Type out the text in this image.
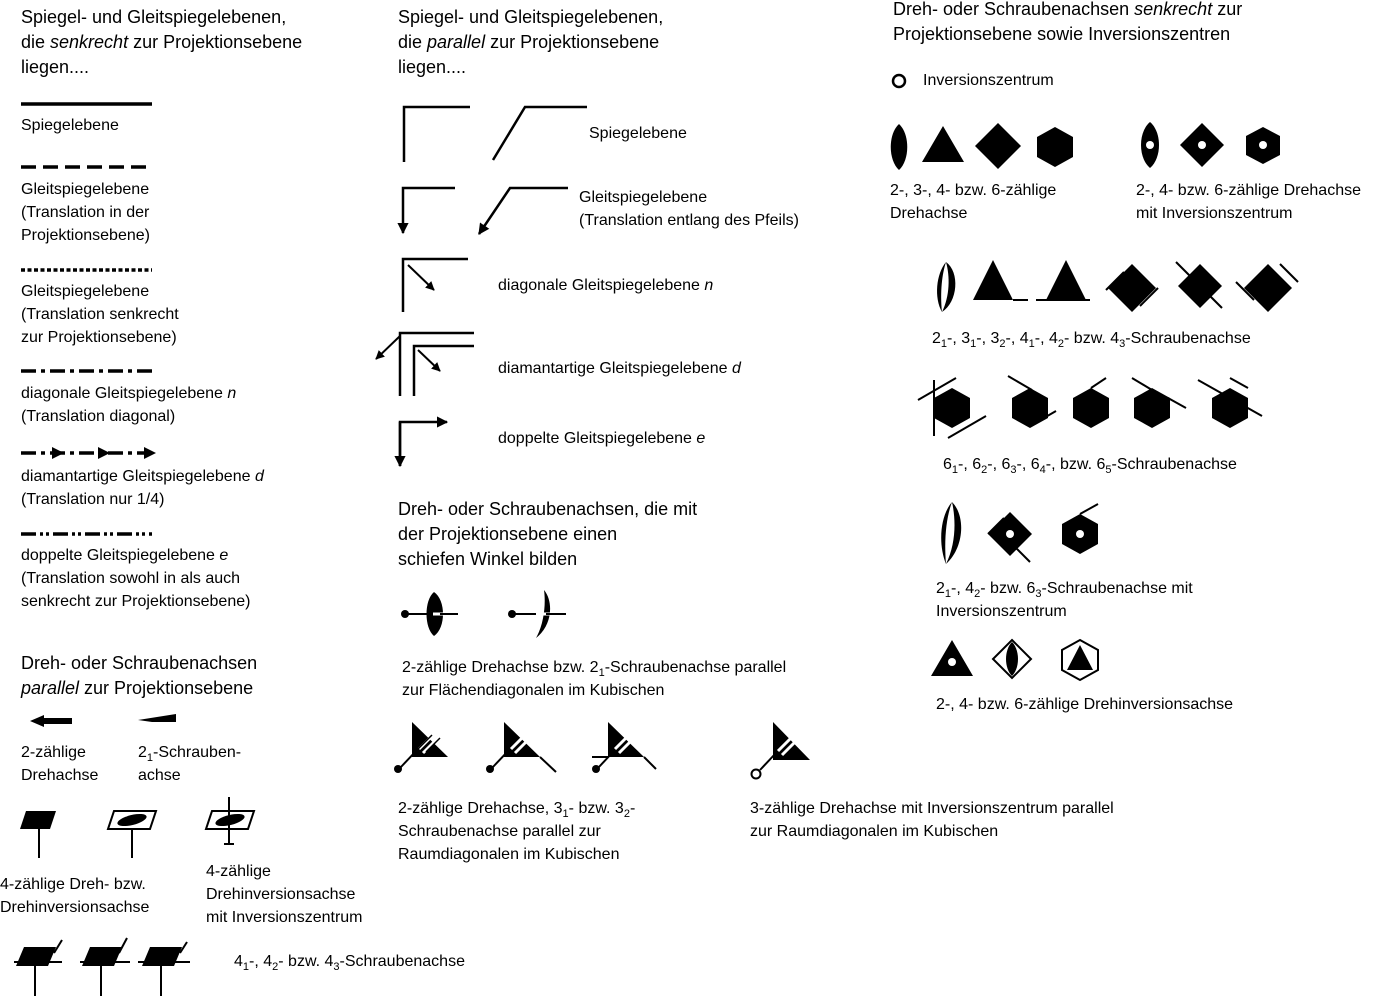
Spiegel- und Gleitspiegelebenen,
die senkrecht zur Projektionsebene
liegen....
Spiegelebene
Gleitspiegelebene
(Translation in der
Projektionsebene)
Gleitspiegelebene
(Translation senkrecht
zur Projektionsebene)
diagonale Gleitspiegelebene n
(Translation diagonal)
diamantartige Gleitspiegelebene d
(Translation nur 1/4)
doppelte Gleitspiegelebene e
(Translation sowohl in als auch
senkrecht zur Projektionsebene)
Dreh- oder Schraubenachsen
parallel zur Projektionsebene
2-zählige
Drehachse
$2_1-Schrauben-$
achse
4-zählige Dreh- bzw.
Drehinversionsachse
4-zählige
Drehinversionsachse
mit Inversionszentrum
$4_1-$, $4_2-$ bzw. $4_3$-Schraubenachse
Spiegel- und Gleitspiegelebenen,
die parallel zur Projektionsebene
liegen....
Spiegelebene
Gleitspiegelebene
(Translation entlang des Pfeils)
diagonale Gleitspiegelebene n
diamantartige Gleitspiegelebene d
doppelte Gleitspiegelebene e
Dreh- oder Schraubenachsen, die mit
der Projektionsebene einen
schiefen Winkel bilden
2-zählige Drehachse bzw. $2_1$-Schraubenachse parallel
zur Flächendiagonalen im Kubischen
2-zählige Drehachse, $3_1-$ bzw. $3_2-$
Schraubenachse parallel zur
Raumdiagonalen im Kubischen
3-zählige Drehachse mit Inversionszentrum parallel
zur Raumdiagonalen im Kubischen
Dreh- oder Schraubenachsen senkrecht zur
Projektionsebene sowie Inversionszentren
Inversionszentrum
2-, 3-, 4- bzw. 6-zählige
Drehachse
2-, 4- bzw. 6-zählige Drehachse
mit Inversionszentrum
$2_1-$, $3_1-$, $3_2-$, $4_1-$, $4_2-$ bzw. $4_3$-Schraubenachse
$6_1-$, $6_2-$, $6_3-$, $6_4-$, bzw. $6_5$-Schraubenachse
$2_1-$, $4_2-$ bzw. $6_3$-Schraubenachse mit
Inversionszentrum
2-, 4- bzw. 6-zählige Drehinversionsachse
